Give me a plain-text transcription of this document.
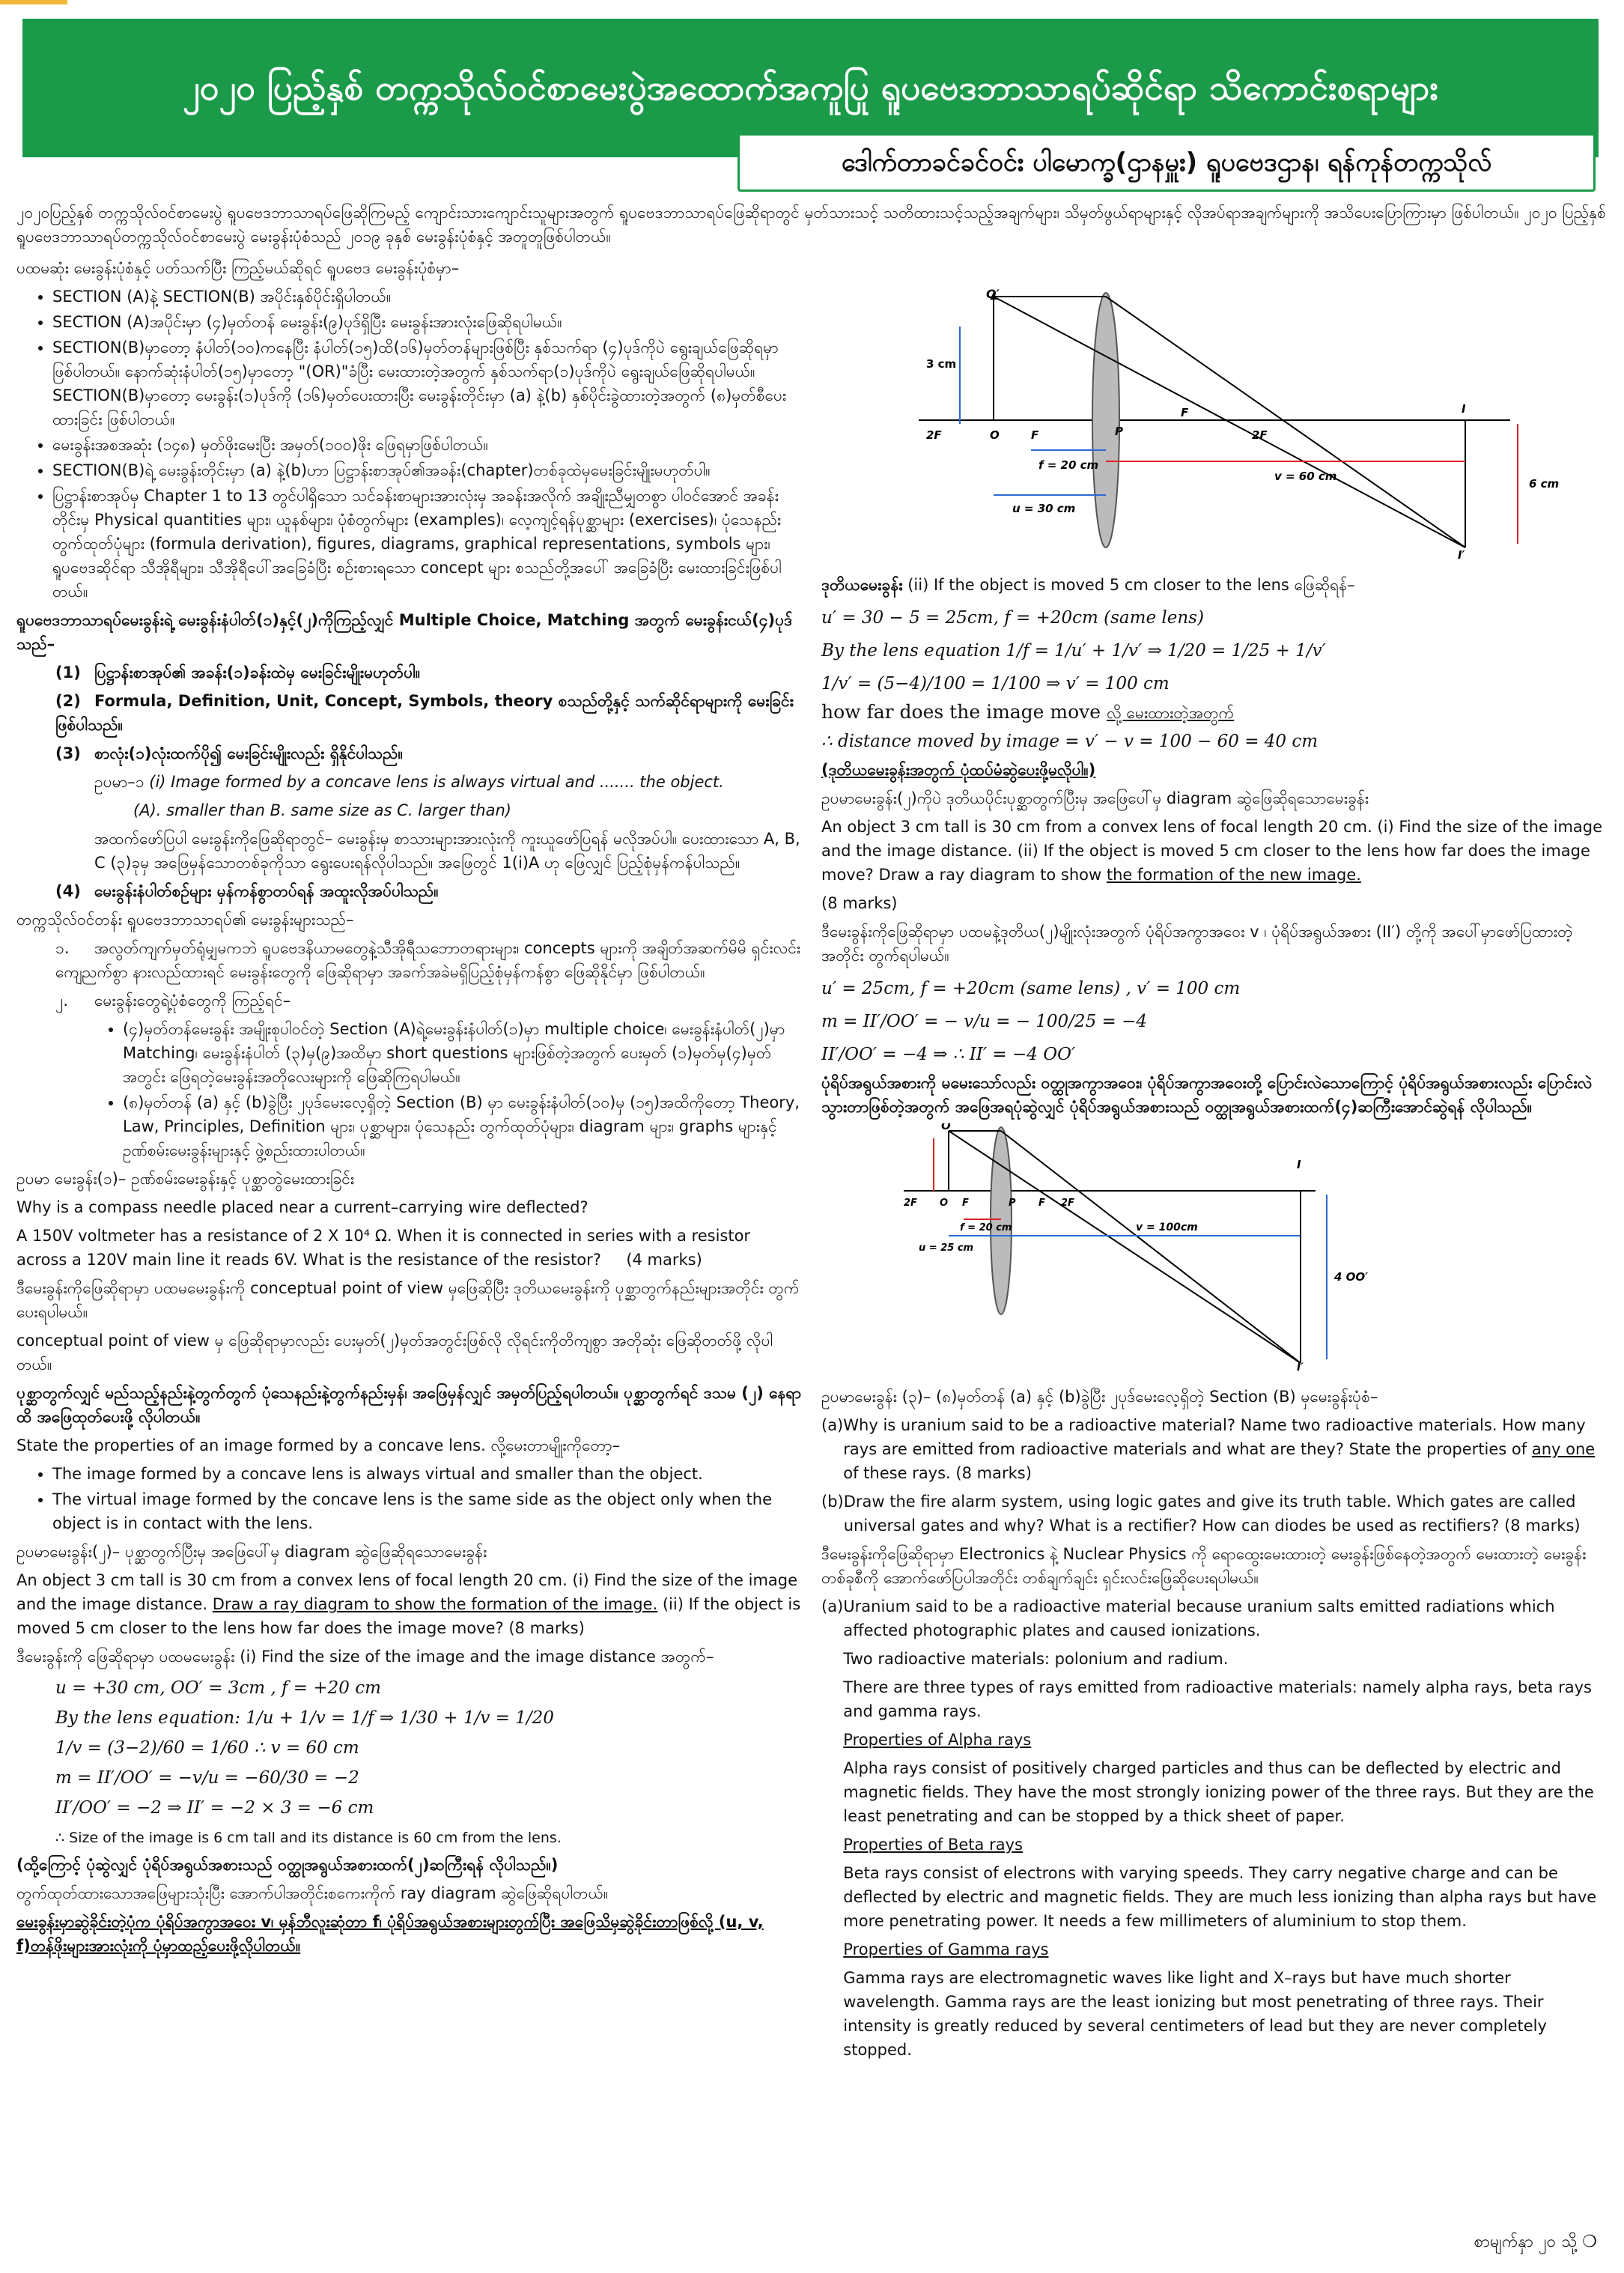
၂၀၂၀ ပြည့်နှစ် တက္ကသိုလ်ဝင်စာမေးပွဲအထောက်အကူပြု ရူပဗေဒဘာသာရပ်ဆိုင်ရာ သိကောင်းစရာများ
ဒေါက်တာခင်ခင်ဝင်း ပါမောက္ခ(ဌာနမှူး) ရူပဗေဒဌာန၊ ရန်ကုန်တက္ကသိုလ်

၂၀၂၀ပြည့်နှစ် တက္ကသိုလ်ဝင်စာမေးပွဲ ရူပဗေဒဘာသာရပ်ဖြေဆိုကြမည့် ကျောင်းသားကျောင်းသူများအတွက် ရူပဗေဒဘာသာရပ်ဖြေဆိုရာတွင် မှတ်သားသင့် သတိထားသင့်သည့်အချက်များ၊ သိမှတ်ဖွယ်ရာများနှင့် လိုအပ်ရာအချက်များကို အသိပေးပြောကြားမှာ ဖြစ်ပါတယ်။ ၂၀၂၀ ပြည့်နှစ် ရူပဗေဒဘာသာရပ်တက္ကသိုလ်ဝင်စာမေးပွဲ မေးခွန်းပုံစံသည် ၂၀၁၉ ခုနှစ် မေးခွန်းပုံစံနှင့် အတူတူဖြစ်ပါတယ်။

ပထမဆုံး မေးခွန်းပုံစံနှင့် ပတ်သက်ပြီး ကြည့်မယ်ဆိုရင် ရူပဗေဒ မေးခွန်းပုံစံမှာ–

• SECTION (A)နဲ့ SECTION(B) အပိုင်းနှစ်ပိုင်းရှိပါတယ်။
• SECTION (A)အပိုင်းမှာ (၄)မှတ်တန် မေးခွန်း(၉)ပုဒ်ရှိပြီး မေးခွန်းအားလုံးဖြေဆိုရပါမယ်။
• SECTION(B)မှာတော့ နံပါတ်(၁၀)ကနေပြီး နံပါတ်(၁၅)ထိ(၁၆)မှတ်တန်များဖြစ်ပြီး နှစ်သက်ရာ (၄)ပုဒ်ကိုပဲ ရွေးချယ်ဖြေဆိုရမှာ ဖြစ်ပါတယ်။ နောက်ဆုံးနံပါတ်(၁၅)မှာတော့ "(OR)"ခံပြီး မေးထားတဲ့အတွက် နှစ်သက်ရာ(၁)ပုဒ်ကိုပဲ ရွေးချယ်ဖြေဆိုရပါမယ်။ SECTION(B)မှာတော့ မေးခွန်း(၁)ပုဒ်ကို (၁၆)မှတ်ပေးထားပြီး မေးခွန်းတိုင်းမှာ (a) နဲ့(b) နှစ်ပိုင်းခွဲထားတဲ့အတွက် (၈)မှတ်စီပေးထားခြင်း ဖြစ်ပါတယ်။
• မေးခွန်းအစအဆုံး (၁၄၈) မှတ်ဖိုးမေးပြီး အမှတ်(၁၀၀)ဖိုး ဖြေရမှာဖြစ်ပါတယ်။
• SECTION(B)ရဲ့ မေးခွန်းတိုင်းမှာ (a) နဲ့(b)ဟာ ပြဋ္ဌာန်းစာအုပ်၏အခန်း(chapter)တစ်ခုထဲမှမေးခြင်းမျိုးမဟုတ်ပါ။
• ပြဋ္ဌာန်းစာအုပ်မှ Chapter 1 to 13 တွင်ပါရှိသော သင်ခန်းစာများအားလုံးမှ အခန်းအလိုက် အချိုးညီမျှတစွာ ပါဝင်အောင် အခန်းတိုင်းမှ Physical quantities များ၊ ယူနစ်များ၊ ပုံစံတွက်များ (examples)၊ လေ့ကျင့်ရန်ပုစ္ဆာများ (exercises)၊ ပုံသေနည်းတွက်ထုတ်ပုံများ (formula derivation), figures, diagrams, graphical representations, symbols များ၊ ရူပဗေဒဆိုင်ရာ သီအိုရီများ၊ သီအိုရီပေါ်အခြေခံပြီး စဉ်းစားရသော concept များ စသည်တို့အပေါ် အခြေခံပြီး မေးထားခြင်းဖြစ်ပါတယ်။

ရူပဗေဒဘာသာရပ်မေးခွန်းရဲ့ မေးခွန်းနံပါတ်(၁)နှင့်(၂)ကိုကြည့်လျှင် Multiple Choice, Matching အတွက် မေးခွန်းငယ်(၄)ပုဒ်သည်–

(1) ပြဋ္ဌာန်းစာအုပ်၏ အခန်း(၁)ခန်းထဲမှ မေးခြင်းမျိုးမဟုတ်ပါ။

(2) Formula, Definition, Unit, Concept, Symbols, theory စသည်တို့နှင့် သက်ဆိုင်ရာများကို မေးခြင်းဖြစ်ပါသည်။

(3) စာလုံး(၁)လုံးထက်ပို၍ မေးခြင်းမျိုးလည်း ရှိနိုင်ပါသည်။

ဥပမာ–၁ (i) Image formed by a concave lens is always virtual and ....... the object.

(A). smaller than B. same size as C. larger than)

အထက်ဖော်ပြပါ မေးခွန်းကိုဖြေဆိုရာတွင်– မေးခွန်းမှ စာသားများအားလုံးကို ကူးယူဖော်ပြရန် မလိုအပ်ပါ။ ပေးထားသော A, B, C (၃)ခုမှ အဖြေမှန်သောတစ်ခုကိုသာ ရွေးပေးရန်လိုပါသည်။ အဖြေတွင် 1(i)A ဟု ဖြေလျှင် ပြည့်စုံမှန်ကန်ပါသည်။

(4) မေးခွန်းနံပါတ်စဉ်များ မှန်ကန်စွာတပ်ရန် အထူးလိုအပ်ပါသည်။

တက္ကသိုလ်ဝင်တန်း ရူပဗေဒဘာသာရပ်၏ မေးခွန်းများသည်–

၁. အလွတ်ကျက်မှတ်ရုံမျှမကဘဲ ရူပဗေဒနိယာမတွေနဲ့သီအိုရီသဘောတရားများ၊ concepts များကို အချိတ်အဆက်မိမိ ရှင်းလင်းကျေညက်စွာ နားလည်ထားရင် မေးခွန်းတွေကို ဖြေဆိုရာမှာ အခက်အခဲမရှိပြည့်စုံမှန်ကန်စွာ ဖြေဆိုနိုင်မှာ ဖြစ်ပါတယ်။

၂. မေးခွန်းတွေရဲ့ပုံစံတွေကို ကြည့်ရင်–

• (၄)မှတ်တန်မေးခွန်း အမျိုးစုပါဝင်တဲ့ Section (A)ရဲ့မေးခွန်းနံပါတ်(၁)မှာ multiple choice၊ မေးခွန်းနံပါတ်(၂)မှာ Matching၊ မေးခွန်းနံပါတ် (၃)မှ(၉)အထိမှာ short questions များဖြစ်တဲ့အတွက် ပေးမှတ် (၁)မှတ်မှ(၄)မှတ်အတွင်း ဖြေရတဲ့မေးခွန်းအတိုလေးများကို ဖြေဆိုကြရပါမယ်။
• (၈)မှတ်တန် (a) နှင့် (b)ခွဲပြီး ၂ပုဒ်မေးလေ့ရှိတဲ့ Section (B) မှာ မေးခွန်းနံပါတ်(၁၀)မှ (၁၅)အထိကိုတော့ Theory, Law, Principles, Definition များ၊ ပုစ္ဆာများ၊ ပုံသေနည်း တွက်ထုတ်ပုံများ၊ diagram များ၊ graphs များနှင့် ဥဏ်စမ်းမေးခွန်းများနှင့် ဖွဲ့စည်းထားပါတယ်။

ဥပမာ မေးခွန်း(၁)– ဥဏ်စမ်းမေးခွန်းနှင့် ပုစ္ဆာတွဲမေးထားခြင်း

Why is a compass needle placed near a current–carrying wire deflected?

A 150V voltmeter has a resistance of 2 X 10⁴ Ω. When it is connected in series with a resistor across a 120V main line it reads 6V. What is the resistance of the resistor? (4 marks)

ဒီမေးခွန်းကိုဖြေဆိုရာမှာ ပထမမေးခွန်းကို conceptual point of view မှဖြေဆိုပြီး ဒုတိယမေးခွန်းကို ပုစ္ဆာတွက်နည်းများအတိုင်း တွက်ပေးရပါမယ်။

conceptual point of view မှ ဖြေဆိုရာမှာလည်း ပေးမှတ်(၂)မှတ်အတွင်းဖြစ်လို လိုရင်းကိုတိကျစွာ အတိုဆုံး ဖြေဆိုတတ်ဖို့ လိုပါတယ်။

ပုစ္ဆာတွက်လျှင် မည်သည့်နည်းနဲ့တွက်တွက် ပုံသေနည်းနဲ့တွက်နည်းမှန်၊ အဖြေမှန်လျှင် အမှတ်ပြည့်ရပါတယ်။ ပုစ္ဆာတွက်ရင် ဒသမ (၂) နေရာထိ အဖြေထုတ်ပေးဖို့ လိုပါတယ်။

State the properties of an image formed by a concave lens. လို့မေးတာမျိုးကိုတော့–

• The image formed by a concave lens is always virtual and smaller than the object.
• The virtual image formed by the concave lens is the same side as the object only when the object is in contact with the lens.

ဥပမာမေးခွန်း(၂)– ပုစ္ဆာတွက်ပြီးမှ အဖြေပေါ်မှ diagram ဆွဲဖြေဆိုရသောမေးခွန်း

An object 3 cm tall is 30 cm from a convex lens of focal length 20 cm. (i) Find the size of the image and the image distance. Draw a ray diagram to show the formation of the image. (ii) If the object is moved 5 cm closer to the lens how far does the image move? (8 marks)

ဒီမေးခွန်းကို ဖြေဆိုရာမှာ ပထမမေးခွန်း (i) Find the size of the image and the image distance အတွက်–

u = +30 cm, OO′ = 3cm , f = +20 cm
By the lens equation: 1/u + 1/v = 1/f ⇒ 1/30 + 1/v = 1/20
1/v = (3−2)/60 = 1/60 ∴ v = 60 cm
m = II′/OO′ = −v/u = −60/30 = −2
II′/OO′ = −2 ⇒ II′ = −2 × 3 = −6 cm
∴ Size of the image is 6 cm tall and its distance is 60 cm from the lens.

(ထို့ကြောင့် ပုံဆွဲလျှင် ပုံရိပ်အရွယ်အစားသည် ဝတ္ထုအရွယ်အစားထက်(၂)ဆကြီးရန် လိုပါသည်။)

တွက်ထုတ်ထားသောအဖြေများသုံးပြီး အောက်ပါအတိုင်းစကေးကိုက် ray diagram ဆွဲဖြေဆိုရပါတယ်။

မေးခွန်းမှာဆွဲခိုင်းတဲ့ပုံက ပုံရိပ်အကွာအဝေး v၊ မှန်ဘီလူးဆုံတာ f၊ ပုံရိပ်အရွယ်အစားများတွက်ပြီး အဖြေသိမှဆွဲခိုင်းတာဖြစ်လို့ (u, v, f)တန်ဖိုးများအားလုံးကို ပုံမှာထည့်ပေးဖို့လိုပါတယ်။

O′
3 cm
2F	O	F	P
F
2F
I
I′
f = 20 cm
v = 60 cm
u = 30 cm
6 cm

ဒုတိယမေးခွန်း (ii) If the object is moved 5 cm closer to the lens ဖြေဆိုရန်–

u′ = 30 − 5 = 25cm, f = +20cm (same lens)
By the lens equation 1/f = 1/u′ + 1/v′ ⇒ 1/20 = 1/25 + 1/v′
1/v′ = (5−4)/100 = 1/100 ⇒ v′ = 100 cm

how far does the image move လို့ မေးထားတဲ့အတွက်

∴ distance moved by image = v′ − v = 100 − 60 = 40 cm

(ဒုတိယမေးခွန်းအတွက် ပုံထပ်မံဆွဲပေးဖို့မလိုပါ။)

ဥပမာမေးခွန်း(၂)ကိုပဲ ဒုတိယပိုင်းပုစ္ဆာတွက်ပြီးမှ အဖြေပေါ်မှ diagram ဆွဲဖြေဆိုရသောမေးခွန်း

An object 3 cm tall is 30 cm from a convex lens of focal length 20 cm. (i) Find the size of the image and the image distance. (ii) If the object is moved 5 cm closer to the lens how far does the image move? Draw a ray diagram to show the formation of the new image.

(8 marks)

ဒီမေးခွန်းကိုဖြေဆိုရာမှာ ပထမနဲ့ဒုတိယ(၂)မျိုးလုံးအတွက် ပုံရိပ်အကွာအဝေး v ၊ ပုံရိပ်အရွယ်အစား (II′) တို့ကို အပေါ်မှာဖော်ပြထားတဲ့အတိုင်း တွက်ရပါမယ်။

u′ = 25cm, f = +20cm (same lens) , v′ = 100 cm
m = II′/OO′ = − v/u = − 100/25 = −4
II′/OO′ = −4 ⇒ ∴ II′ = −4 OO′

ပုံရိပ်အရွယ်အစားကို မမေးသော်လည်း ဝတ္ထုအကွာအဝေး၊ ပုံရိပ်အကွာအဝေးတို့ ပြောင်းလဲသောကြောင့် ပုံရိပ်အရွယ်အစားလည်း ပြောင်းလဲသွားတာဖြစ်တဲ့အတွက် အဖြေအရပုံဆွဲလျှင် ပုံရိပ်အရွယ်အစားသည် ဝတ္ထုအရွယ်အစားထက်(၄)ဆကြီးအောင်ဆွဲရန် လိုပါသည်။

O′
I
2F O F	P F 2F
f = 20 cm
u = 25 cm
v = 100cm
4 OO′
I′

ဥပမာမေးခွန်း (၃)– (၈)မှတ်တန် (a) နှင့် (b)ခွဲပြီး ၂ပုဒ်မေးလေ့ရှိတဲ့ Section (B) မှမေးခွန်းပုံစံ–

(a) Why is uranium said to be a radioactive material? Name two radioactive materials. How many rays are emitted from radioactive materials and what are they? State the properties of any one of these rays. (8 marks)

(b) Draw the fire alarm system, using logic gates and give its truth table. Which gates are called universal gates and why? What is a rectifier? How can diodes be used as rectifiers? (8 marks)

ဒီမေးခွန်းကိုဖြေဆိုရာမှာ Electronics နဲ့ Nuclear Physics ကို ရောထွေးမေးထားတဲ့ မေးခွန်းဖြစ်နေတဲ့အတွက် မေးထားတဲ့ မေးခွန်းတစ်ခုစီကို အောက်ဖော်ပြပါအတိုင်း တစ်ချက်ချင်း ရှင်းလင်းဖြေဆိုပေးရပါမယ်။

(a) Uranium said to be a radioactive material because uranium salts emitted radiations which affected photographic plates and caused ionizations.

Two radioactive materials: polonium and radium.

There are three types of rays emitted from radioactive materials: namely alpha rays, beta rays and gamma rays.

Properties of Alpha rays

Alpha rays consist of positively charged particles and thus can be deflected by electric and magnetic fields. They have the most strongly ionizing power of the three rays. But they are the least penetrating and can be stopped by a thick sheet of paper.

Properties of Beta rays

Beta rays consist of electrons with varying speeds. They carry negative charge and can be deflected by electric and magnetic fields. They are much less ionizing than alpha rays but have more penetrating power. It needs a few millimeters of aluminium to stop them.

Properties of Gamma rays

Gamma rays are electromagnetic waves like light and X–rays but have much shorter wavelength. Gamma rays are the least ionizing but most penetrating of three rays. Their intensity is greatly reduced by several centimeters of lead but they are never completely stopped.

စာမျက်နှာ ၂၀ သို့ ❍
